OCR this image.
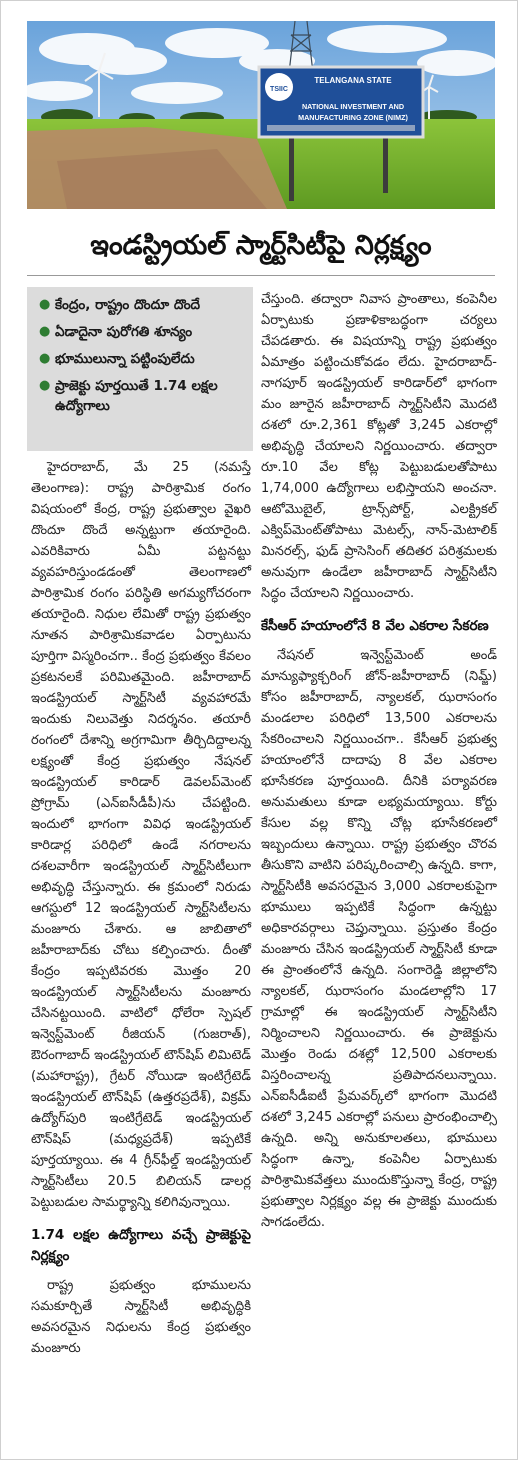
TSIIC
TELANGANA STATE
NATIONAL INVESTMENT AND
MANUFACTURING ZONE (NIMZ)
ఇండస్ట్రియల్ స్మార్ట్‌సిటీపై నిర్లక్ష్యం
● కేంద్రం, రాష్ట్రం దొందూ దొందే
● ఏడాదైనా పురోగతి శూన్యం
● భూములున్నా పట్టింపులేదు
● ప్రాజెక్టు పూర్తయితే 1.74 లక్షల ఉద్యోగాలు

హైదరాబాద్, మే 25 (నమస్తే తెలంగాణ): రాష్ట్ర పారిశ్రామిక రంగం విషయంలో కేంద్ర, రాష్ట్ర ప్రభుత్వాల వైఖరి దొందూ దొందే అన్నట్టుగా తయారైంది. ఎవరికివారు ఏమీ పట్టనట్టు వ్యవహరిస్తుండడంతో తెలంగాణలో పారిశ్రామిక రంగం పరిస్థితి అగమ్యగోచరంగా తయారైంది. నిధుల లేమితో రాష్ట్ర ప్రభుత్వం నూతన పారిశ్రామికవాడల ఏర్పాటును పూర్తిగా విస్మరించగా.. కేంద్ర ప్రభుత్వం కేవలం ప్రకటనలకే పరిమితమైంది. జహీరాబాద్ ఇండస్ట్రియల్ స్మార్ట్‌సిటీ వ్యవహారమే ఇందుకు నిలువెత్తు నిదర్శనం. తయారీ రంగంలో దేశాన్ని అగ్రగామిగా తీర్చిదిద్దాలన్న లక్ష్యంతో కేంద్ర ప్రభుత్వం నేషనల్ ఇండస్ట్రియల్ కారిడార్ డెవలప్‌మెంట్ ప్రోగ్రామ్ (ఎన్‌ఐసీడీపీ)ను చేపట్టింది. ఇందులో భాగంగా వివిధ ఇండస్ట్రియల్ కారిడార్ల పరిధిలో ఉండే నగరాలను దశలవారీగా ఇండస్ట్రియల్ స్మార్ట్‌సిటీలుగా అభివృద్ధి చేస్తున్నారు. ఈ క్రమంలో నిరుడు ఆగస్టులో 12 ఇండస్ట్రియల్ స్మార్ట్‌సిటీలను మంజూరు చేశారు. ఆ జాబితాలో జహీరాబాద్‌కు చోటు కల్పించారు. దీంతో కేంద్రం ఇప్పటివరకు మొత్తం 20 ఇండస్ట్రియల్ స్మార్ట్‌సిటీలను మంజూరు చేసినట్టయింది. వాటిలో ధోలేరా స్పెషల్ ఇన్వెస్ట్‌మెంట్ రీజియన్ (గుజరాత్), ఔరంగాబాద్ ఇండస్ట్రియల్ టౌన్‌షిప్ లిమిటెడ్ (మహారాష్ట్ర), గ్రేటర్ నోయిడా ఇంటిగ్రేటెడ్ ఇండస్ట్రియల్ టౌన్‌షిప్ (ఉత్తరప్రదేశ్), విక్రమ్ ఉద్యోగ్‌పురి ఇంటిగ్రేటెడ్ ఇండస్ట్రియల్ టౌన్‌షిప్ (మధ్యప్రదేశ్) ఇప్పటికే పూర్తయ్యాయి. ఈ 4 గ్రీన్‌ఫీల్డ్ ఇండస్ట్రియల్ స్మార్ట్‌సిటీలు 20.5 బిలియన్ డాలర్ల పెట్టుబడుల సామర్థ్యాన్ని కలిగివున్నాయి.

1.74 లక్షల ఉద్యోగాలు వచ్చే ప్రాజెక్టుపై నిర్లక్ష్యం

రాష్ట్ర ప్రభుత్వం భూములను సమకూర్చితే స్మార్ట్‌సిటీ అభివృద్ధికి అవసరమైన నిధులను కేంద్ర ప్రభుత్వం మంజూరు

చేస్తుంది. తద్వారా నివాస ప్రాంతాలు, కంపెనీల ఏర్పాటుకు ప్రణాళికాబద్ధంగా చర్యలు చేపడతారు. ఈ విషయాన్ని రాష్ట్ర ప్రభుత్వం ఏమాత్రం పట్టించుకోవడం లేదు. హైదరాబాద్-నాగపూర్ ఇండస్ట్రియల్ కారిడార్‌లో భాగంగా మం జూరైన జహీరాబాద్ స్మార్ట్‌సిటీని మొదటి దశలో రూ.2,361 కోట్లతో 3,245 ఎకరాల్లో అభివృద్ధి చేయాలని నిర్ణయించారు. తద్వారా రూ.10 వేల కోట్ల పెట్టుబడులతోపాటు 1,74,000 ఉద్యోగాలు లభిస్తాయని అంచనా. ఆటోమొబైల్, ట్రాన్స్‌పోర్ట్, ఎలక్ట్రికల్ ఎక్విప్‌మెంట్‌తోపాటు మెటల్స్, నాన్-మెటాలిక్ మినరల్స్, ఫుడ్ ప్రాసెసింగ్ తదితర పరిశ్రమలకు అనువుగా ఉండేలా జహీరాబాద్ స్మార్ట్‌సిటీని సిద్ధం చేయాలని నిర్ణయించారు.

కేసీఆర్ హయాంలోనే 8 వేల ఎకరాల సేకరణ

నేషనల్ ఇన్వెస్ట్‌మెంట్ అండ్ మాన్యుఫ్యాక్చరింగ్ జోన్-జహీరాబాద్ (నిమ్జ్) కోసం జహీరాబాద్, న్యాలకల్, ఝరాసంగం మండలాల పరిధిలో 13,500 ఎకరాలను సేకరించాలని నిర్ణయించగా.. కేసీఆర్ ప్రభుత్వ హయాంలోనే దాదాపు 8 వేల ఎకరాల భూసేకరణ పూర్తయింది. దీనికి పర్యావరణ అనుమతులు కూడా లభ్యమయ్యాయి. కోర్టు కేసుల వల్ల కొన్ని చోట్ల భూసేకరణలో ఇబ్బందులు ఉన్నాయి. రాష్ట్ర ప్రభుత్వం చొరవ తీసుకొని వాటిని పరిష్కరించాల్సి ఉన్నది. కాగా, స్మార్ట్‌సిటీకి అవసరమైన 3,000 ఎకరాలకుపైగా భూములు ఇప్పటికే సిద్ధంగా ఉన్నట్టు అధికారవర్గాలు చెప్తున్నాయి. ప్రస్తుతం కేంద్రం మంజూరు చేసిన ఇండస్ట్రియల్ స్మార్ట్‌సిటీ కూడా ఈ ప్రాంతంలోనే ఉన్నది. సంగారెడ్డి జిల్లాలోని న్యాలకల్, ఝరాసంగం మండలాల్లోని 17 గ్రామాల్లో ఈ ఇండస్ట్రియల్ స్మార్ట్‌సిటీని నిర్మించాలని నిర్ణయించారు. ఈ ప్రాజెక్టును మొత్తం రెండు దశల్లో 12,500 ఎకరాలకు విస్తరించాలన్న ప్రతిపాదనలున్నాయి. ఎన్‌ఐసీడీఐటీ ప్రేమవర్క్‌లో భాగంగా మొదటి దశలో 3,245 ఎకరాల్లో పనులు ప్రారంభించాల్సి ఉన్నది. అన్ని అనుకూలతలు, భూములు సిద్ధంగా ఉన్నా, కంపెనీల ఏర్పాటుకు పారిశ్రామికవేత్తలు ముందుకొస్తున్నా కేంద్ర, రాష్ట్ర ప్రభుత్వాల నిర్లక్ష్యం వల్ల ఈ ప్రాజెక్టు ముందుకు సాగడంలేదు.
